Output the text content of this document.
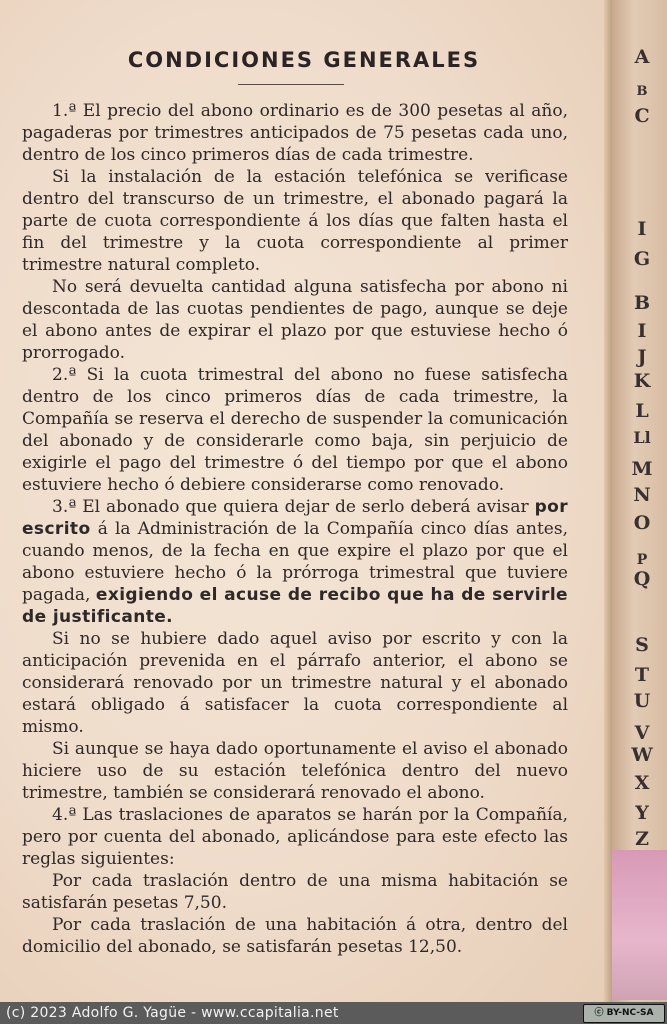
CONDICIONES GENERALES

1.ª El precio del abono ordinario es de 300 pesetas al año, pagaderas por trimestres anticipados de 75 pesetas cada uno, dentro de los cinco primeros días de cada trimestre.

Si la instalación de la estación telefónica se verificase dentro del transcurso de un trimestre, el abonado pagará la parte de cuota correspondiente á los días que falten hasta el fin del trimestre y la cuota correspondiente al primer trimestre natural completo.

No será devuelta cantidad alguna satisfecha por abono ni descontada de las cuotas pendientes de pago, aunque se deje el abono antes de expirar el plazo por que estuviese hecho ó prorrogado.

2.ª Si la cuota trimestral del abono no fuese satisfecha dentro de los cinco primeros días de cada trimestre, la Compañía se reserva el derecho de suspender la comunicación del abonado y de considerarle como baja, sin perjuicio de exigirle el pago del trimestre ó del tiempo por que el abono estuviere hecho ó debiere considerarse como renovado.

3.ª El abonado que quiera dejar de serlo deberá avisar por escrito á la Administración de la Compañía cinco días antes, cuando menos, de la fecha en que expire el plazo por que el abono estuviere hecho ó la prórroga trimestral que tuviere pagada, exigiendo el acuse de recibo que ha de servirle de justificante.

Si no se hubiere dado aquel aviso por escrito y con la anticipación prevenida en el párrafo anterior, el abono se considerará renovado por un trimestre natural y el abonado estará obligado á satisfacer la cuota correspondiente al mismo.

Si aunque se haya dado oportunamente el aviso el abonado hiciere uso de su estación telefónica dentro del nuevo trimestre, también se considerará renovado el abono.

4.ª Las traslaciones de aparatos se harán por la Compañía, pero por cuenta del abonado, aplicándose para este efecto las reglas siguientes:

Por cada traslación dentro de una misma habitación se satisfarán pesetas 7,50.

Por cada traslación de una habitación á otra, dentro del domicilio del abonado, se satisfarán pesetas 12,50.

A
B
C
I
G
B
I
J
K
L
Ll
M
N
O
P
Q
S
T
U
V
W
X
Y
Z
(c) 2023 Adolfo G. Yagüe - www.ccapitalia.net	ⓒ BY-NC-SA
